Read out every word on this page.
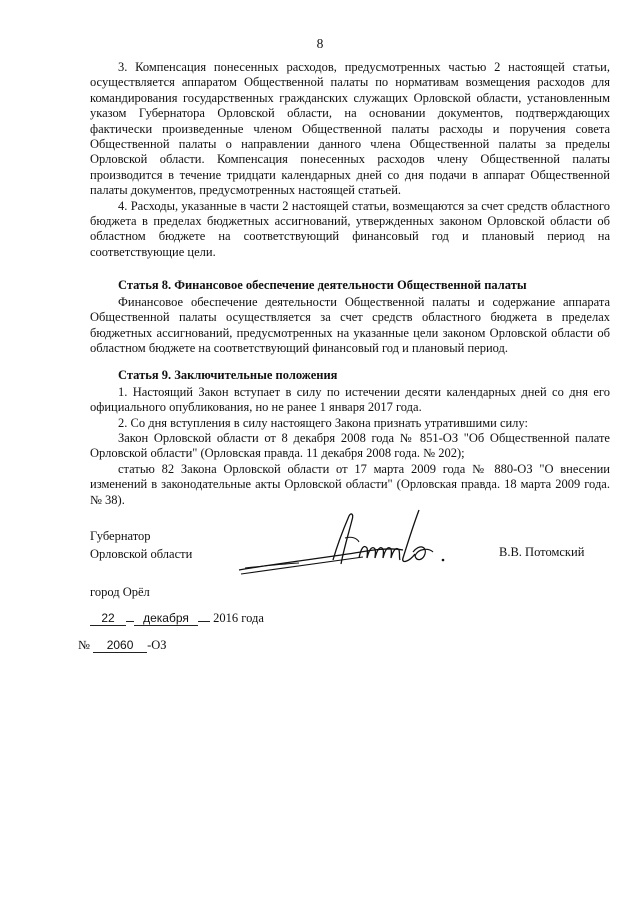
8

3. Компенсация понесенных расходов, предусмотренных частью 2 настоящей статьи, осуществляется аппаратом Общественной палаты по нормативам возмещения расходов для командирования государственных гражданских служащих Орловской области, установленным указом Губернатора Орловской области, на основании документов, подтверждающих фактически произведенные членом Общественной палаты расходы и поручения совета Общественной палаты о направлении данного члена Общественной палаты за пределы Орловской области. Компенсация понесенных расходов члену Общественной палаты производится в течение тридцати календарных дней со дня подачи в аппарат Общественной палаты документов, предусмотренных настоящей статьей.

4. Расходы, указанные в части 2 настоящей статьи, возмещаются за счет средств областного бюджета в пределах бюджетных ассигнований, утвержденных законом Орловской области об областном бюджете на соответствующий финансовый год и плановый период на соответствующие цели.

Статья 8. Финансовое обеспечение деятельности Общественной палаты

Финансовое обеспечение деятельности Общественной палаты и содержание аппарата Общественной палаты осуществляется за счет средств областного бюджета в пределах бюджетных ассигнований, предусмотренных на указанные цели законом Орловской области об областном бюджете на соответствующий финансовый год и плановый период.

Статья 9. Заключительные положения

1. Настоящий Закон вступает в силу по истечении десяти календарных дней со дня его официального опубликования, но не ранее 1 января 2017 года.

2. Со дня вступления в силу настоящего Закона признать утратившими силу:

Закон Орловской области от 8 декабря 2008 года № 851-ОЗ "Об Общественной палате Орловской области" (Орловская правда. 11 декабря 2008 года. № 202);

статью 82 Закона Орловской области от 17 марта 2009 года № 880-ОЗ "О внесении изменений в законодательные акты Орловской области" (Орловская правда. 18 марта 2009 года. № 38).

Губернатор
Орловской области	В.В. Потомский
город Орёл
22 декабря 2016 года
№ 2060 -ОЗ
